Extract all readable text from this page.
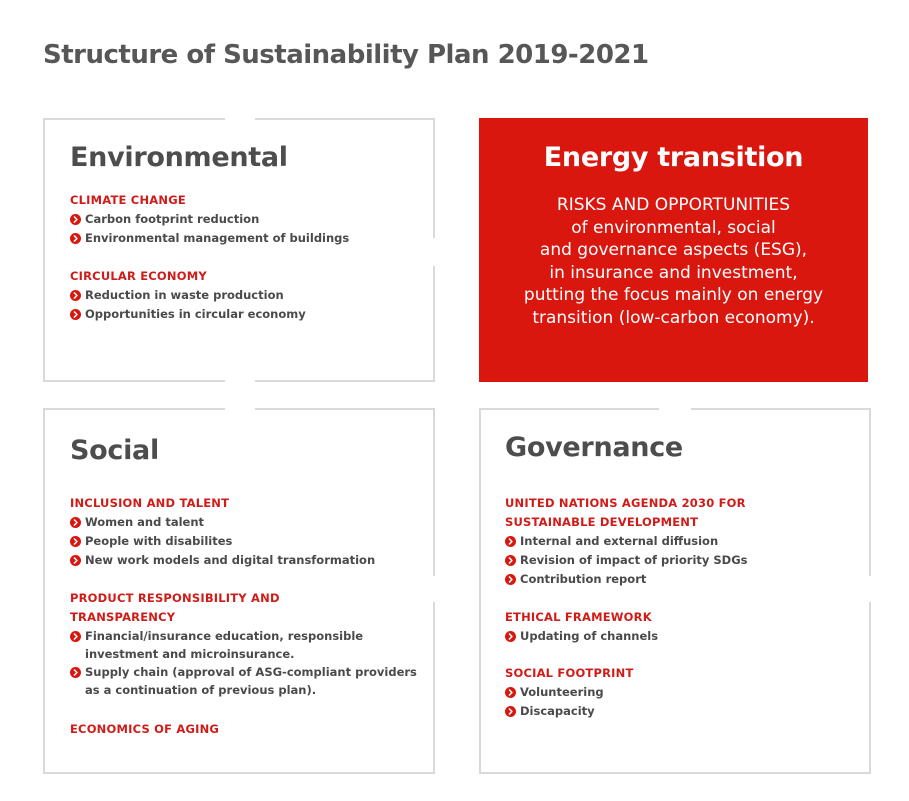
Structure of Sustainability Plan 2019-2021
Environmental

CLIMATE CHANGE

Carbon footprint reduction
Environmental management of buildings

CIRCULAR ECONOMY

Reduction in waste production
Opportunities in circular economy
Energy transition

RISKS AND OPPORTUNITIES
of environmental, social
and governance aspects (ESG),
in insurance and investment,
putting the focus mainly on energy
transition (low-carbon economy).

Social

INCLUSION AND TALENT

Women and talent
People with disabilites
New work models and digital transformation

PRODUCT RESPONSIBILITY AND
TRANSPARENCY

Financial/insurance education, responsible
investment and microinsurance.
Supply chain (approval of ASG-compliant providers
as a continuation of previous plan).

ECONOMICS OF AGING

Governance

UNITED NATIONS AGENDA 2030 FOR
SUSTAINABLE DEVELOPMENT

Internal and external diffusion
Revision of impact of priority SDGs
Contribution report

ETHICAL FRAMEWORK

Updating of channels

SOCIAL FOOTPRINT

Volunteering
Discapacity
